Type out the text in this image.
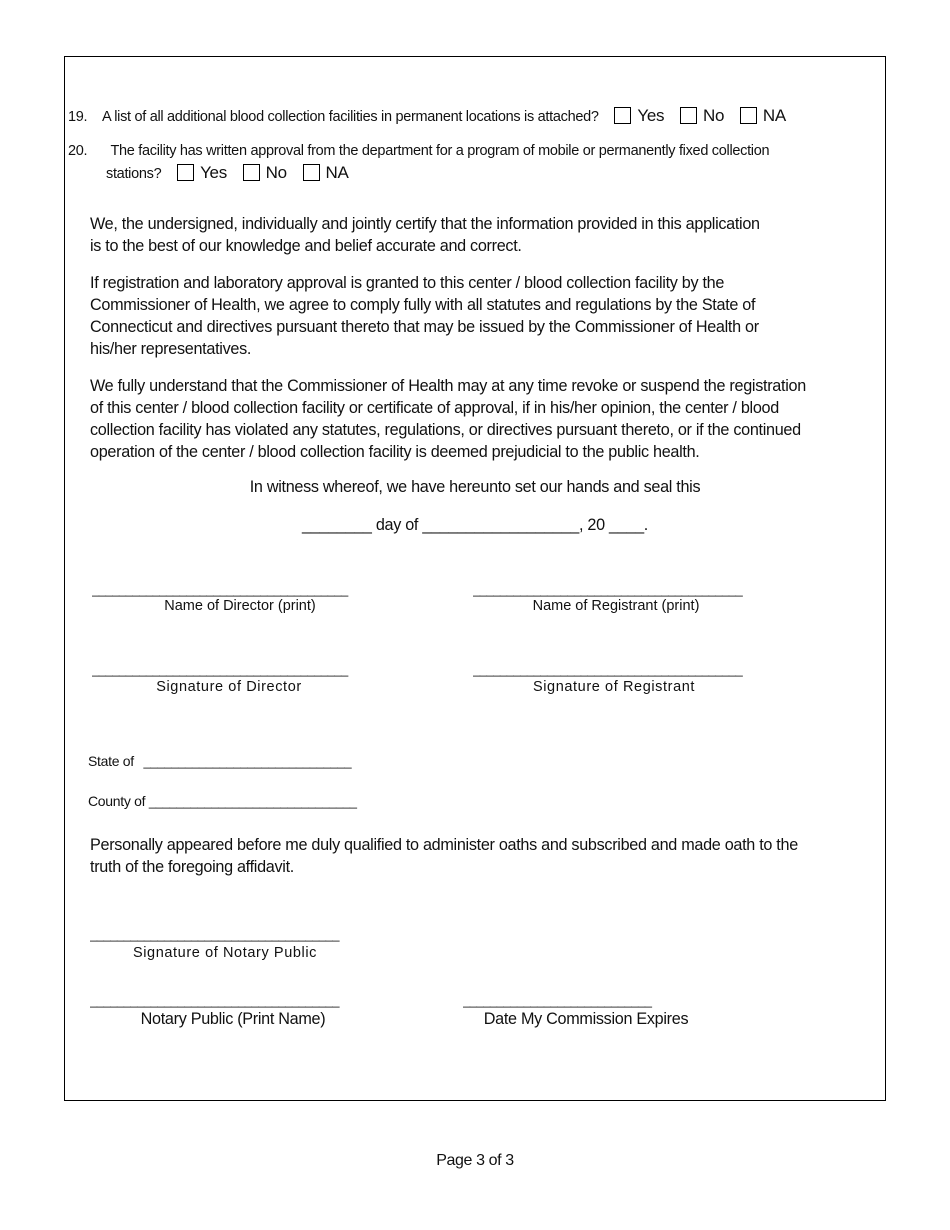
19. A list of all additional blood collection facilities in permanent locations is attached? Yes No NA
20. The facility has written approval from the department for a program of mobile or permanently fixed collection
stations? Yes No NA
We, the undersigned, individually and jointly certify that the information provided in this application
is to the best of our knowledge and belief accurate and correct.
If registration and laboratory approval is granted to this center / blood collection facility by the
Commissioner of Health, we agree to comply fully with all statutes and regulations by the State of
Connecticut and directives pursuant thereto that may be issued by the Commissioner of Health or
his/her representatives.
We fully understand that the Commissioner of Health may at any time revoke or suspend the registration
of this center / blood collection facility or certificate of approval, if in his/her opinion, the center / blood
collection facility has violated any statutes, regulations, or directives pursuant thereto, or if the continued
operation of the center / blood collection facility is deemed prejudicial to the public health.
In witness whereof, we have hereunto set our hands and seal this
________ day of __________________, 20 ____.
______________________________________	________________________________________
Name of Director (print)	Name of Registrant (print)
______________________________________	________________________________________
Signature of Director	Signature of Registrant
State of ______________________________
County of ______________________________
Personally appeared before me duly qualified to administer oaths and subscribed and made oath to the
truth of the foregoing affidavit.
_____________________________________
Signature of Notary Public
_____________________________________	____________________________
Notary Public (Print Name)	Date My Commission Expires
Page 3 of 3
